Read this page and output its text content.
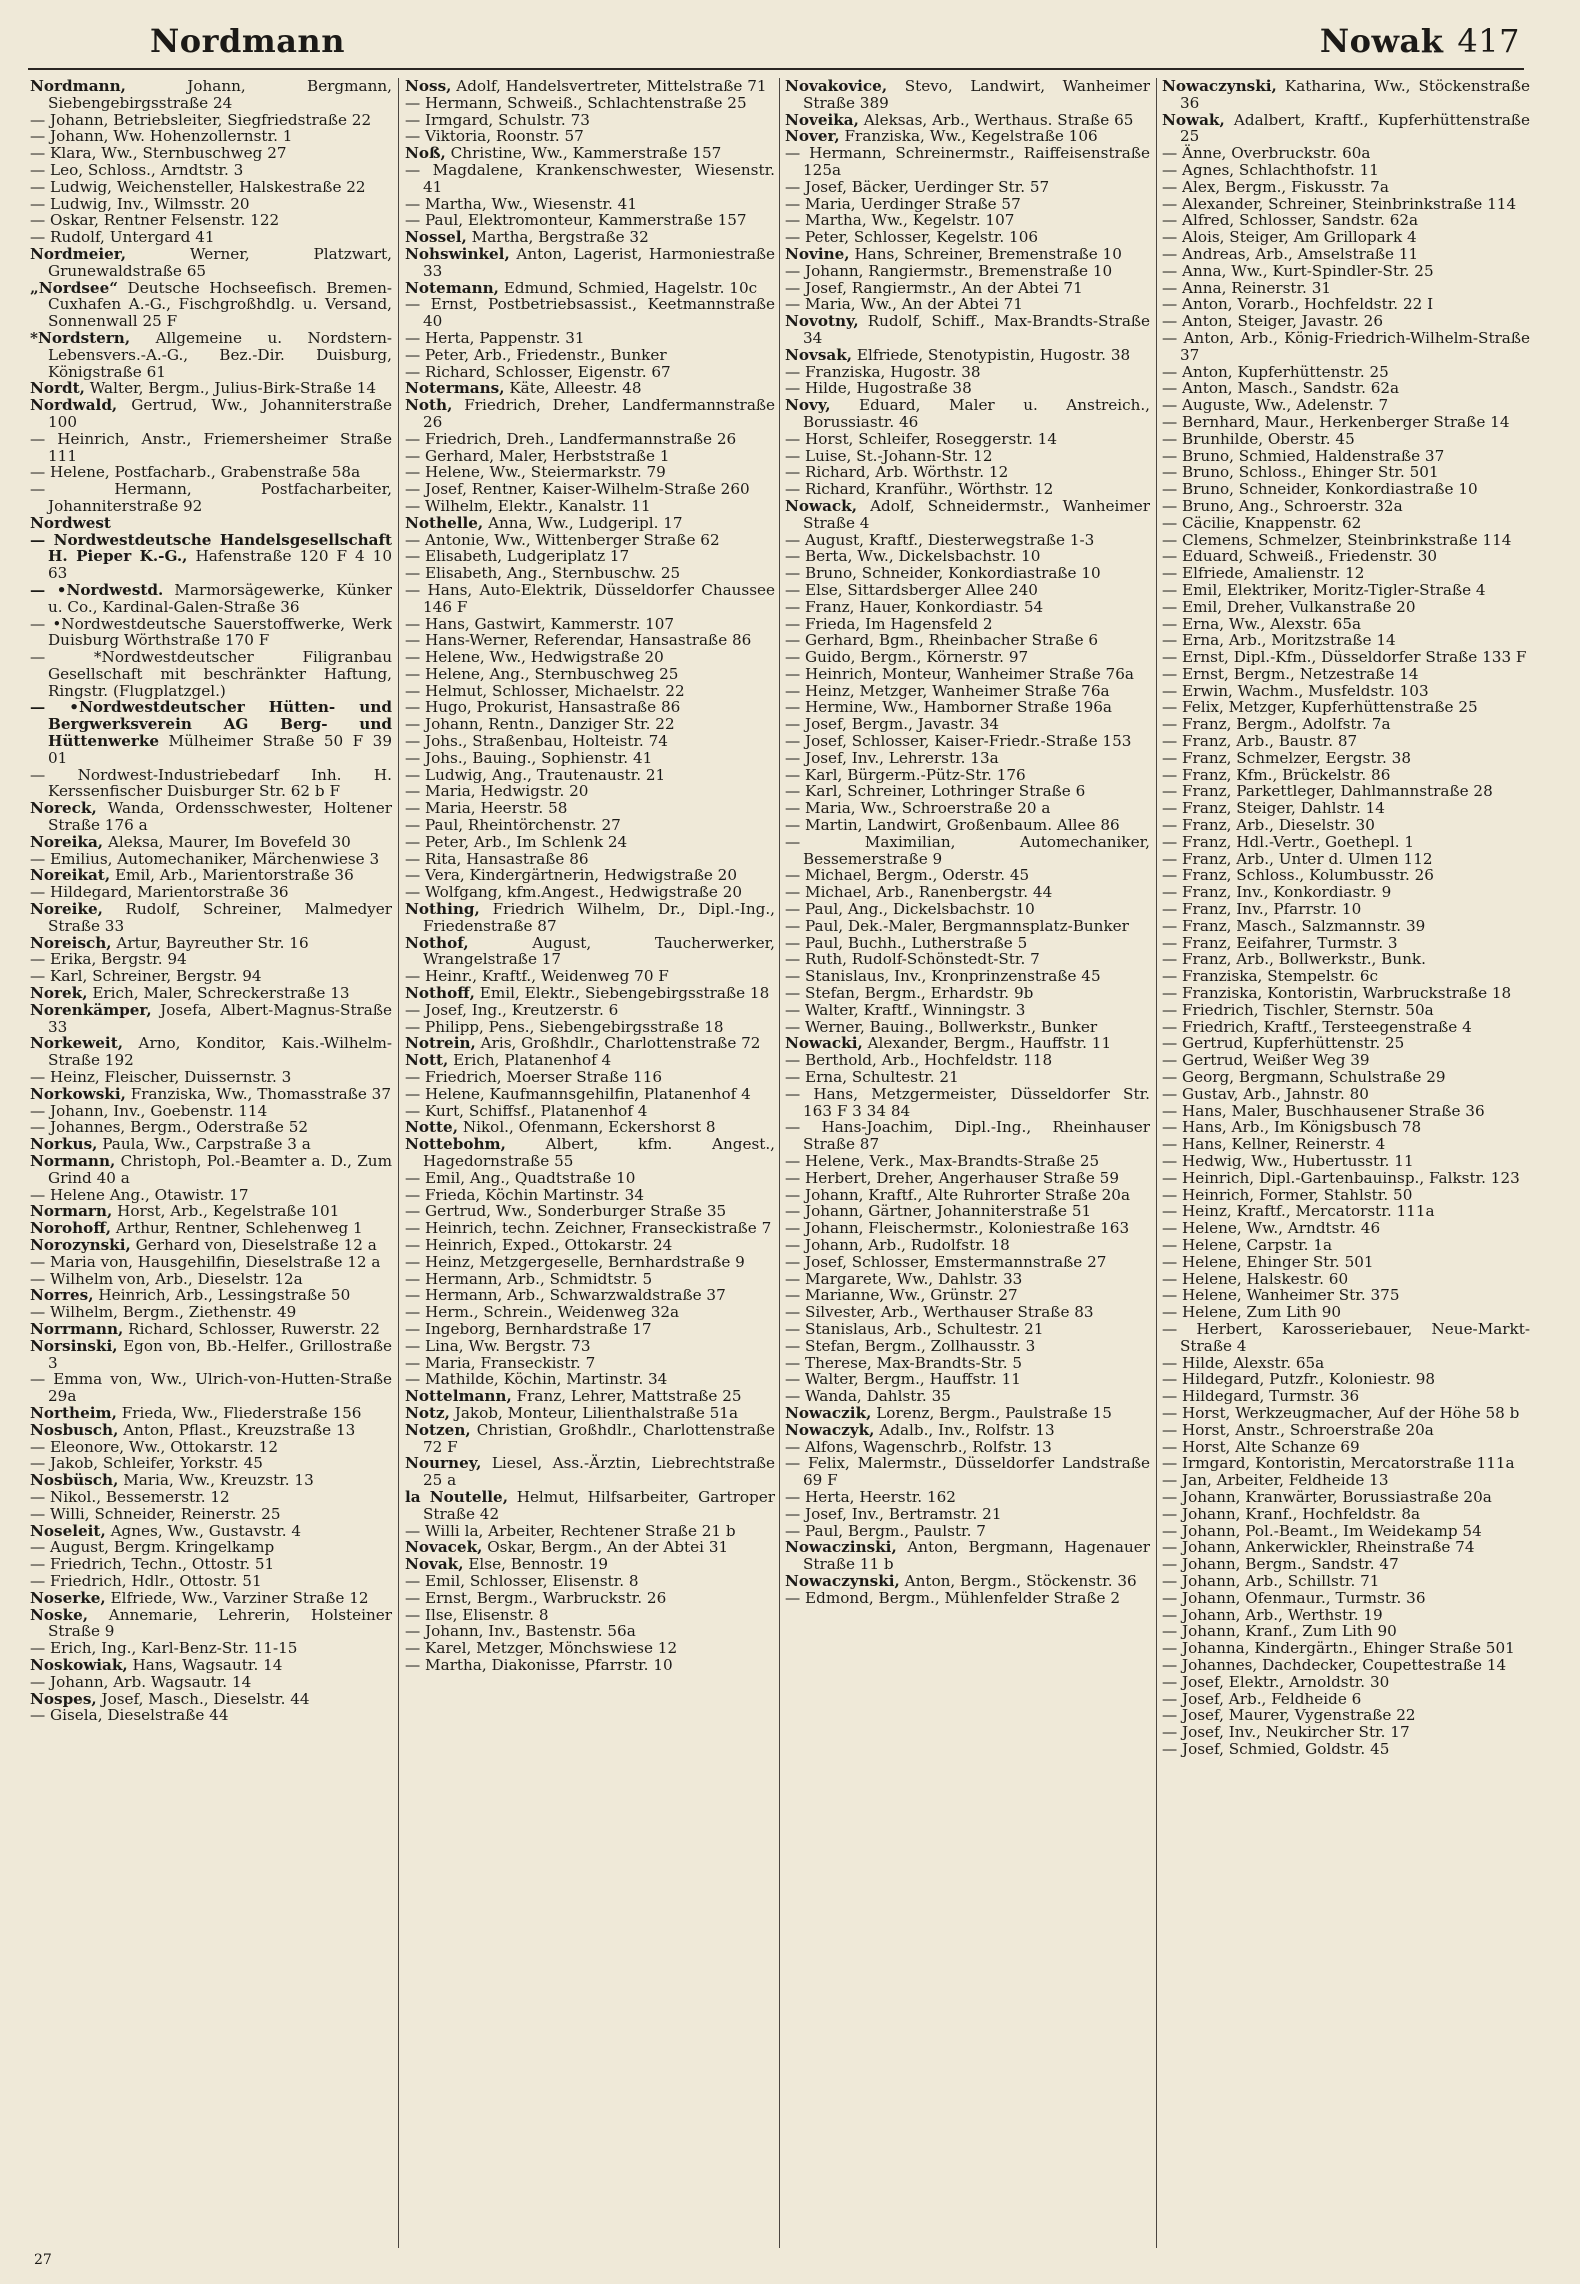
Nordmann	Nowak 417
Nordmann,	Johann, Bergmann, Siebengebirgsstraße 24
— Johann, Betriebsleiter, Siegfriedstraße 22
— Johann, Ww. Hohenzollernstr. 1
— Klara, Ww., Sternbuschweg 27
— Leo, Schloss., Arndtstr. 3
— Ludwig, Weichensteller, Halskestraße 22
— Ludwig, Inv., Wilmsstr. 20
— Oskar, Rentner Felsenstr. 122
— Rudolf, Untergard 41
Nordmeier,	Werner, Platzwart, Grunewaldstraße 65
„Nordsee“ Deutsche Hochseefisch. Bremen-Cuxhafen A.-G., Fischgroßhdlg. u. Versand, Sonnenwall 25 F
*Nordstern, Allgemeine u. Nordstern-Lebensvers.-A.-G., Bez.-Dir. Duisburg, Königstraße 61
Nordt, Walter, Bergm., Julius-Birk-Straße 14
Nordwald, Gertrud, Ww., Johanniterstraße 100
— Heinrich, Anstr., Friemersheimer Straße 111
— Helene, Postfacharb., Grabenstraße 58a
— Hermann, Postfacharbeiter, Johanniterstraße 92
Nordwest
— Nordwestdeutsche Handelsgesellschaft H. Pieper K.-G., Hafenstraße 120 F 4 10 63
— •Nordwestd. Marmorsägewerke, Künker u. Co., Kardinal-Galen-Straße 36
— •Nordwestdeutsche Sauerstoffwerke, Werk Duisburg Wörthstraße 170 F
— *Nordwestdeutscher Filigranbau Gesellschaft mit beschränkter Haftung, Ringstr. (Flugplatzgel.)
— •Nordwestdeutscher Hütten- und Bergwerksverein AG Berg- und Hüttenwerke Mülheimer Straße 50 F 39 01
— Nordwest-Industriebedarf Inh. H. Kerssenfischer Duisburger Str. 62 b F
Noreck, Wanda, Ordensschwester, Holtener Straße 176 a
Noreika, Aleksa, Maurer, Im Bovefeld 30
— Emilius, Automechaniker, Märchenwiese 3
Noreikat, Emil, Arb., Marientorstraße 36
— Hildegard, Marientorstraße 36
Noreike, Rudolf, Schreiner, Malmedyer Straße 33
Noreisch, Artur, Bayreuther Str. 16
— Erika, Bergstr. 94
— Karl, Schreiner, Bergstr. 94
Norek, Erich, Maler, Schreckerstraße 13
Norenkämper, Josefa, Albert-Magnus-Straße 33
Norkeweit, Arno, Konditor, Kais.-Wilhelm-Straße 192
— Heinz, Fleischer, Duissernstr. 3
Norkowski, Franziska, Ww., Thomasstraße 37
— Johann, Inv., Goebenstr. 114
— Johannes, Bergm., Oderstraße 52
Norkus, Paula, Ww., Carpstraße 3 a
Normann, Christoph, Pol.-Beamter a. D., Zum Grind 40 a
— Helene Ang., Otawistr. 17
Normarn, Horst, Arb., Kegelstraße 101
Norohoff, Arthur, Rentner, Schlehenweg 1
Norozynski, Gerhard von, Dieselstraße 12 a
— Maria von, Hausgehilfin, Dieselstraße 12 a
— Wilhelm von, Arb., Dieselstr. 12a
Norres, Heinrich, Arb., Lessingstraße 50
— Wilhelm, Bergm., Ziethenstr. 49
Norrmann, Richard, Schlosser, Ruwerstr. 22
Norsinski, Egon von, Bb.-Helfer., Grillostraße 3
— Emma von, Ww., Ulrich-von-Hutten-Straße 29a
Northeim, Frieda, Ww., Fliederstraße 156
Nosbusch, Anton, Pflast., Kreuzstraße 13
— Eleonore, Ww., Ottokarstr. 12
— Jakob, Schleifer, Yorkstr. 45
Nosbüsch, Maria, Ww., Kreuzstr. 13
— Nikol., Bessemerstr. 12
— Willi, Schneider, Reinerstr. 25
Noseleit, Agnes, Ww., Gustavstr. 4
— August, Bergm. Kringelkamp
— Friedrich, Techn., Ottostr. 51
— Friedrich, Hdlr., Ottostr. 51
Noserke, Elfriede, Ww., Varziner Straße 12
Noske, Annemarie, Lehrerin, Holsteiner Straße 9
— Erich, Ing., Karl-Benz-Str. 11-15
Noskowiak, Hans, Wagsautr. 14
— Johann, Arb. Wagsautr. 14
Nospes, Josef, Masch., Dieselstr. 44
— Gisela, Dieselstraße 44
Noss, Adolf, Handelsvertreter, Mittelstraße 71
— Hermann, Schweiß., Schlachtenstraße 25
— Irmgard, Schulstr. 73
— Viktoria, Roonstr. 57
Noß, Christine, Ww., Kammerstraße 157
— Magdalene, Krankenschwester, Wiesenstr. 41
— Martha, Ww., Wiesenstr. 41
— Paul, Elektromonteur, Kammerstraße 157
Nossel, Martha, Bergstraße 32
Nohswinkel, Anton, Lagerist, Harmoniestraße 33
Notemann, Edmund, Schmied, Hagelstr. 10c
— Ernst, Postbetriebsassist., Keetmannstraße 40
— Herta, Pappenstr. 31
— Peter, Arb., Friedenstr., Bunker
— Richard, Schlosser, Eigenstr. 67
Notermans, Käte, Alleestr. 48
Noth, Friedrich, Dreher, Landfermannstraße 26
— Friedrich, Dreh., Landfermannstraße 26
— Gerhard, Maler, Herbststraße 1
— Helene, Ww., Steiermarkstr. 79
— Josef, Rentner, Kaiser-Wilhelm-Straße 260
— Wilhelm, Elektr., Kanalstr. 11
Nothelle, Anna, Ww., Ludgeripl. 17
— Antonie, Ww., Wittenberger Straße 62
— Elisabeth, Ludgeriplatz 17
— Elisabeth, Ang., Sternbuschw. 25
— Hans, Auto-Elektrik, Düsseldorfer Chaussee 146 F
— Hans, Gastwirt, Kammerstr. 107
— Hans-Werner, Referendar, Hansastraße 86
— Helene, Ww., Hedwigstraße 20
— Helene, Ang., Sternbuschweg 25
— Helmut, Schlosser, Michaelstr. 22
— Hugo, Prokurist, Hansastraße 86
— Johann, Rentn., Danziger Str. 22
— Johs., Straßenbau, Holteistr. 74
— Johs., Bauing., Sophienstr. 41
— Ludwig, Ang., Trautenaustr. 21
— Maria, Hedwigstr. 20
— Maria, Heerstr. 58
— Paul, Rheintörchenstr. 27
— Peter, Arb., Im Schlenk 24
— Rita, Hansastraße 86
— Vera, Kindergärtnerin, Hedwigstraße 20
— Wolfgang, kfm.Angest., Hedwigstraße 20
Nothing, Friedrich Wilhelm, Dr., Dipl.-Ing., Friedenstraße 87
Nothof,	August, Taucherwerker, Wrangelstraße 17
— Heinr., Kraftf., Weidenweg 70 F
Nothoff, Emil, Elektr., Siebengebirgsstraße 18
— Josef, Ing., Kreutzerstr. 6
— Philipp, Pens., Siebengebirgsstraße 18
Notrein, Aris, Großhdlr., Charlottenstraße 72
Nott, Erich, Platanenhof 4
— Friedrich, Moerser Straße 116
— Helene, Kaufmannsgehilfin, Platanenhof 4
— Kurt, Schiffsf., Platanenhof 4
Notte, Nikol., Ofenmann, Eckershorst 8
Notteboһm,	Albert, kfm. Angest., Hagedornstraße 55
— Emil, Ang., Quadtstraße 10
— Frieda, Köchin Martinstr. 34
— Gertrud, Ww., Sonderburger Straße 35
— Heinrich, techn. Zeichner, Franseckistraße 7
— Heinrich, Exped., Ottokarstr. 24
— Heinz, Metzgergeselle, Bernhardstraße 9
— Hermann, Arb., Schmidtstr. 5
— Hermann, Arb., Schwarzwaldstraße 37
— Herm., Schrein., Weidenweg 32a
— Ingeborg, Bernhardstraße 17
— Lina, Ww. Bergstr. 73
— Maria, Franseckistr. 7
— Mathilde, Köchin, Martinstr. 34
Nottelmann, Franz, Lehrer, Mattstraße 25
Notz, Jakob, Monteur, Lilienthalstraße 51a
Notzen, Christian, Großhdlr., Charlottenstraße 72 F
Nourney, Liesel, Ass.-Ärztin, Liebrechtstraße 25 a
la Noutelle, Helmut, Hilfsarbeiter, Gartroper Straße 42
— Willi la, Arbeiter, Rechtener Straße 21 b
Novacek, Oskar, Bergm., An der Abtei 31
Novak, Else, Bennostr. 19
— Emil, Schlosser, Elisenstr. 8
— Ernst, Bergm., Warbruckstr. 26
— Ilse, Elisenstr. 8
— Johann, Inv., Bastenstr. 56a
— Karel, Metzger, Mönchswiese 12
— Martha, Diakonisse, Pfarrstr. 10
Novakovice, Stevo, Landwirt, Wanheimer Straße 389
Noveika, Aleksas, Arb., Werthaus. Straße 65
Nover, Franziska, Ww., Kegelstraße 106
— Hermann, Schreinermstr., Raiffeisenstraße 125a
— Josef, Bäcker, Uerdinger Str. 57
— Maria, Uerdinger Straße 57
— Martha, Ww., Kegelstr. 107
— Peter, Schlosser, Kegelstr. 106
Novine, Hans, Schreiner, Bremenstraße 10
— Johann, Rangiermstr., Bremenstraße 10
— Josef, Rangiermstr., An der Abtei 71
— Maria, Ww., An der Abtei 71
Novotny, Rudolf, Schiff., Max-Brandts-Straße 34
Novsak, Elfriede, Stenotypistin, Hugostr. 38
— Franziska, Hugostr. 38
— Hilde, Hugostraße 38
Novy, Eduard, Maler u. Anstreich., Borussiastr. 46
— Horst, Schleifer, Roseggerstr. 14
— Luise, St.-Johann-Str. 12
— Richard, Arb. Wörthstr. 12
— Richard, Kranführ., Wörthstr. 12
Nowack, Adolf, Schneidermstr., Wanheimer Straße 4
— August, Kraftf., Diesterwegstraße 1-3
— Berta, Ww., Dickelsbachstr. 10
— Bruno, Schneider, Konkordiastraße 10
— Else, Sittardsberger Allee 240
— Franz, Hauer, Konkordiastr. 54
— Frieda, Im Hagensfeld 2
— Gerhard, Bgm., Rheinbacher Straße 6
— Guido, Bergm., Körnerstr. 97
— Heinrich, Monteur, Wanheimer Straße 76a
— Heinz, Metzger, Wanheimer Straße 76a
— Hermine, Ww., Hamborner Straße 196a
— Josef, Bergm., Javastr. 34
— Josef, Schlosser, Kaiser-Friedr.-Straße 153
— Josef, Inv., Lehrerstr. 13a
— Karl, Bürgerm.-Pütz-Str. 176
— Karl, Schreiner, Lothringer Straße 6
— Maria, Ww., Schroerstraße 20 a
— Martin, Landwirt, Großenbaum. Allee 86
— Maximilian, Automechaniker, Bessemerstraße 9
— Michael, Bergm., Oderstr. 45
— Michael, Arb., Ranenbergstr. 44
— Paul, Ang., Dickelsbachstr. 10
— Paul, Dek.-Maler, Bergmannsplatz-Bunker
— Paul, Buchh., Lutherstraße 5
— Ruth, Rudolf-Schönstedt-Str. 7
— Stanislaus, Inv., Kronprinzenstraße 45
— Stefan, Bergm., Erhardstr. 9b
— Walter, Kraftf., Winningstr. 3
— Werner, Bauing., Bollwerkstr., Bunker
Nowacki, Alexander, Bergm., Hauffstr. 11
— Berthold, Arb., Hochfeldstr. 118
— Erna, Schultestr. 21
— Hans, Metzgermeister, Düsseldorfer Str. 163 F 3 34 84
— Hans-Joachim, Dipl.-Ing., Rheinhauser Straße 87
— Helene, Verk., Max-Brandts-Straße 25
— Herbert, Dreher, Angerhauser Straße 59
— Johann, Kraftf., Alte Ruhrorter Straße 20a
— Johann, Gärtner, Johanniterstraße 51
— Johann, Fleischermstr., Koloniestraße 163
— Johann, Arb., Rudolfstr. 18
— Josef, Schlosser, Emstermannstraße 27
— Margarete, Ww., Dahlstr. 33
— Marianne, Ww., Grünstr. 27
— Silvester, Arb., Werthauser Straße 83
— Stanislaus, Arb., Schultestr. 21
— Stefan, Bergm., Zollhausstr. 3
— Therese, Max-Brandts-Str. 5
— Walter, Bergm., Hauffstr. 11
— Wanda, Dahlstr. 35
Nowaczik, Lorenz, Bergm., Paulstraße 15
Nowaczyk, Adalb., Inv., Rolfstr. 13
— Alfons, Wagenschrb., Rolfstr. 13
— Felix, Malermstr., Düsseldorfer Landstraße 69 F
— Herta, Heerstr. 162
— Josef, Inv., Bertramstr. 21
— Paul, Bergm., Paulstr. 7
Nowaczinski, Anton, Bergmann, Hagenauer Straße 11 b
Nowaczynski, Anton, Bergm., Stöckenstr. 36
— Edmond, Bergm., Mühlenfelder Straße 2
Nowaczynski, Katharina, Ww., Stöckenstraße 36
Nowak, Adalbert, Kraftf., Kupferhüttenstraße 25
— Änne, Overbruckstr. 60a
— Agnes, Schlachthofstr. 11
— Alex, Bergm., Fiskusstr. 7a
— Alexander, Schreiner, Steinbrinkstraße 114
— Alfred, Schlosser, Sandstr. 62a
— Alois, Steiger, Am Grillopark 4
— Andreas, Arb., Amselstraße 11
— Anna, Ww., Kurt-Spindler-Str. 25
— Anna, Reinerstr. 31
— Anton, Vorarb., Hochfeldstr. 22 I
— Anton, Steiger, Javastr. 26
— Anton, Arb., König-Friedrich-Wilhelm-Straße 37
— Anton, Kupferhüttenstr. 25
— Anton, Masch., Sandstr. 62a
— Auguste, Ww., Adelenstr. 7
— Bernhard, Maur., Herkenberger Straße 14
— Brunhilde, Oberstr. 45
— Bruno, Schmied, Haldenstraße 37
— Bruno, Schloss., Ehinger Str. 501
— Bruno, Schneider, Konkordiastraße 10
— Bruno, Ang., Schroerstr. 32a
— Cäcilie, Knappenstr. 62
— Clemens, Schmelzer, Steinbrinkstraße 114
— Eduard, Schweiß., Friedenstr. 30
— Elfriede, Amalienstr. 12
— Emil, Elektriker, Moritz-Tigler-Straße 4
— Emil, Dreher, Vulkanstraße 20
— Erna, Ww., Alexstr. 65a
— Erna, Arb., Moritzstraße 14
— Ernst, Dipl.-Kfm., Düsseldorfer Straße 133 F
— Ernst, Bergm., Netzestraße 14
— Erwin, Wachm., Musfeldstr. 103
— Felix, Metzger, Kupferhüttenstraße 25
— Franz, Bergm., Adolfstr. 7a
— Franz, Arb., Baustr. 87
— Franz, Schmelzer, Eergstr. 38
— Franz, Kfm., Brückelstr. 86
— Franz, Parkettleger, Dahlmannstraße 28
— Franz, Steiger, Dahlstr. 14
— Franz, Arb., Dieselstr. 30
— Franz, Hdl.-Vertr., Goethepl. 1
— Franz, Arb., Unter d. Ulmen 112
— Franz, Schloss., Kolumbusstr. 26
— Franz, Inv., Konkordiastr. 9
— Franz, Inv., Pfarrstr. 10
— Franz, Masch., Salzmannstr. 39
— Franz, Eeifahrer, Turmstr. 3
— Franz, Arb., Bollwerkstr., Bunk.
— Franziska, Stempelstr. 6c
— Franziska, Kontoristin, Warbruckstraße 18
— Friedrich, Tischler, Sternstr. 50a
— Friedrich, Kraftf., Tersteegenstraße 4
— Gertrud, Kupferhüttenstr. 25
— Gertrud, Weißer Weg 39
— Georg, Bergmann, Schulstraße 29
— Gustav, Arb., Jahnstr. 80
— Hans, Maler, Buschhausener Straße 36
— Hans, Arb., Im Königsbusch 78
— Hans, Kellner, Reinerstr. 4
— Hedwig, Ww., Hubertusstr. 11
— Heinrich, Dipl.-Gartenbauinsp., Falkstr. 123
— Heinrich, Former, Stahlstr. 50
— Heinz, Kraftf., Mercatorstr. 111a
— Helene, Ww., Arndtstr. 46
— Helene, Carpstr. 1a
— Helene, Ehinger Str. 501
— Helene, Halskestr. 60
— Helene, Wanheimer Str. 375
— Helene, Zum Lith 90
— Herbert, Karosseriebauer, Neue-Markt-Straße 4
— Hilde, Alexstr. 65a
— Hildegard, Putzfr., Koloniestr. 98
— Hildegard, Turmstr. 36
— Horst, Werkzeugmacher, Auf der Höhe 58 b
— Horst, Anstr., Schroerstraße 20a
— Horst, Alte Schanze 69
— Irmgard, Kontoristin, Mercatorstraße 111a
— Jan, Arbeiter, Feldheide 13
— Johann, Kranwärter, Borussiastraße 20a
— Johann, Kranf., Hochfeldstr. 8a
— Johann, Pol.-Beamt., Im Weidekamp 54
— Johann, Ankerwickler, Rheinstraße 74
— Johann, Bergm., Sandstr. 47
— Johann, Arb., Schillstr. 71
— Johann, Ofenmaur., Turmstr. 36
— Johann, Arb., Werthstr. 19
— Johann, Kranf., Zum Lith 90
— Johanna, Kindergärtn., Ehinger Straße 501
— Johannes, Dachdecker, Coupettestraße 14
— Josef, Elektr., Arnoldstr. 30
— Josef, Arb., Feldheide 6
— Josef, Maurer, Vygenstraße 22
— Josef, Inv., Neukircher Str. 17
— Josef, Schmied, Goldstr. 45
27
